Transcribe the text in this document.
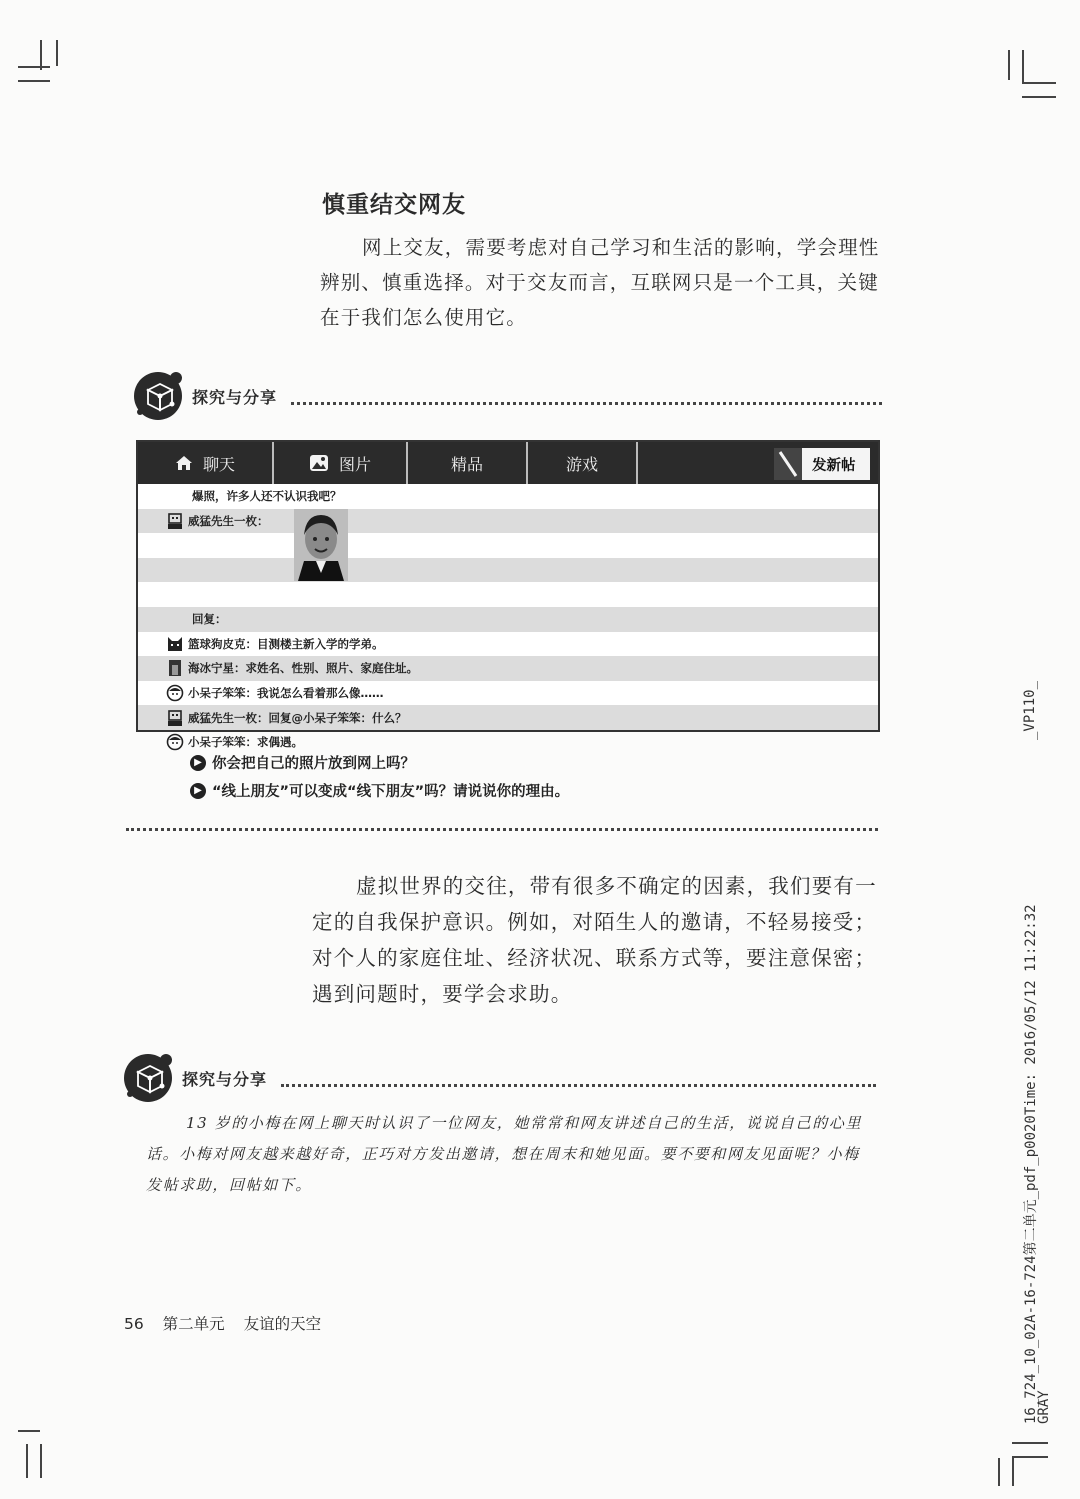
慎重结交网友
网上交友，需要考虑对自己学习和生活的影响，学会理性辨别、慎重选择。对于交友而言，互联网只是一个工具，关键在于我们怎么使用它。
探究与分享
聊天	图片	精品	游戏	发新帖
爆照，许多人还不认识我吧？
威猛先生一枚：
回复：
篮球狗皮克：目测楼主新入学的学弟。
海冰宁星：求姓名、性别、照片、家庭住址。
小呆子笨笨：我说怎么看着那么像……
威猛先生一枚：回复@小呆子笨笨：什么？
小呆子笨笨：求偶遇。
▶ 你会把自己的照片放到网上吗？
▶ “线上朋友”可以变成“线下朋友”吗？请说说你的理由。
虚拟世界的交往，带有很多不确定的因素，我们要有一定的自我保护意识。例如，对陌生人的邀请，不轻易接受；对个人的家庭住址、经济状况、联系方式等，要注意保密；遇到问题时，要学会求助。
探究与分享
13 岁的小梅在网上聊天时认识了一位网友，她常常和网友讲述自己的生活，说说自己的心里话。小梅对网友越来越好奇，正巧对方发出邀请，想在周末和她见面。要不要和网友见面呢？小梅发帖求助，回帖如下。
56 第二单元 友谊的天空
_VP110_
16_724_10_02A-16-724第二单元_pdf_p0020Time: 2016/05/12 11:22:32
GRAY
